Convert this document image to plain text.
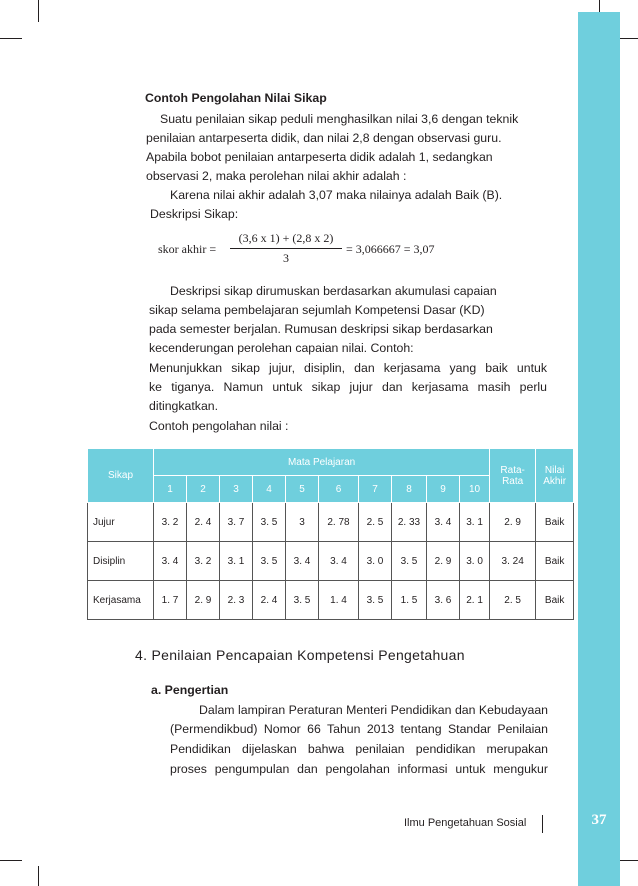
Contoh Pengolahan Nilai Sikap
Suatu penilaian sikap peduli menghasilkan nilai 3,6 dengan teknik
penilaian antarpeserta didik, dan nilai 2,8 dengan observasi guru.
Apabila bobot penilaian antarpeserta didik adalah 1, sedangkan
observasi 2, maka perolehan nilai akhir adalah :
Karena nilai akhir adalah 3,07 maka nilainya adalah Baik (B).
Deskripsi Sikap:
skor akhir =
(3,6 x 1) + (2,8 x 2)
3
= 3,066667 = 3,07
Deskripsi sikap dirumuskan berdasarkan akumulasi capaian
sikap selama pembelajaran sejumlah Kompetensi Dasar (KD)
pada semester berjalan. Rumusan deskripsi sikap berdasarkan
kecenderungan perolehan capaian nilai. Contoh:
Menunjukkan sikap jujur, disiplin, dan kerjasama yang baik untuk
ke tiganya. Namun untuk sikap jujur dan kerjasama masih perlu
ditingkatkan.
Contoh pengolahan nilai :
Sikap	Mata Pelajaran										Rata-Rata	Nilai Akhir
	1	2	3	4	5	6	7	8	9	10		
Jujur	3. 2	2. 4	3. 7	3. 5	3	2. 78	2. 5	2. 33	3. 4	3. 1	2. 9	Baik
Disiplin	3. 4	3. 2	3. 1	3. 5	3. 4	3. 4	3. 0	3. 5	2. 9	3. 0	3. 24	Baik
Kerjasama	1. 7	2. 9	2. 3	2. 4	3. 5	1. 4	3. 5	1. 5	3. 6	2. 1	2. 5	Baik
4. Penilaian Pencapaian Kompetensi Pengetahuan
a. Pengertian
Dalam lampiran Peraturan Menteri Pendidikan dan Kebudayaan
(Permendikbud) Nomor 66 Tahun 2013 tentang Standar Penilaian
Pendidikan dijelaskan bahwa penilaian pendidikan merupakan
proses pengumpulan dan pengolahan informasi untuk mengukur
Ilmu Pengetahuan Sosial	37
